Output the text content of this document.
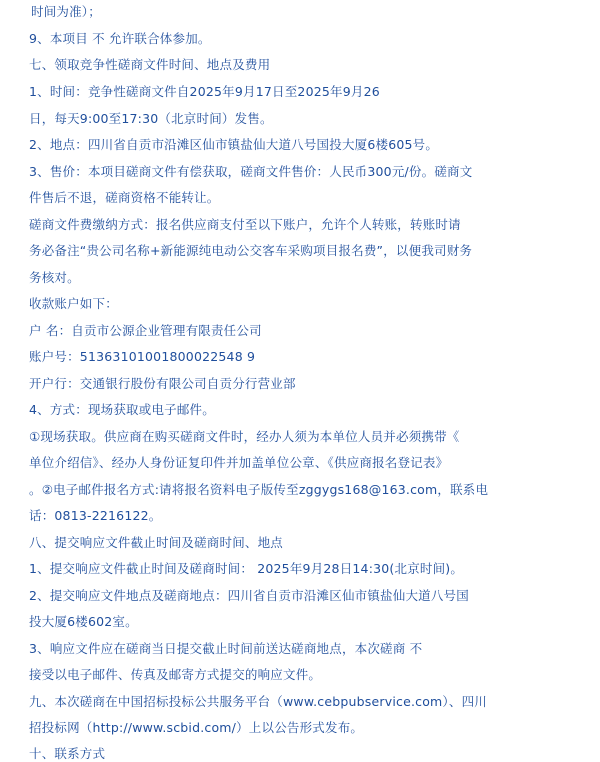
时间为准）；
9、本项目 不 允许联合体参加。
七、领取竞争性磋商文件时间、地点及费用
1、时间：竞争性磋商文件自2025年9月17日至2025年9月26
日，每天9:00至17:30（北京时间）发售。
2、地点：四川省自贡市沿滩区仙市镇盐仙大道八号国投大厦6楼605号。
3、售价：本项目磋商文件有偿获取，磋商文件售价：人民币300元/份。磋商文
件售后不退，磋商资格不能转让。
磋商文件费缴纳方式：报名供应商支付至以下账户，允许个人转账，转账时请
务必备注“贵公司名称+新能源纯电动公交客车采购项目报名费”，以便我司财务
务核对。
收款账户如下：
户 名：自贡市公源企业管理有限责任公司
账户号：51363101001800022548 9
开户行：交通银行股份有限公司自贡分行营业部
4、方式：现场获取或电子邮件。
①现场获取。供应商在购买磋商文件时，经办人须为本单位人员并必须携带《
单位介绍信》、经办人身份证复印件并加盖单位公章、《供应商报名登记表》
。②电子邮件报名方式:请将报名资料电子版传至zggygs168@163.com，联系电
话：0813-2216122。
八、提交响应文件截止时间及磋商时间、地点
1、提交响应文件截止时间及磋商时间： 2025年9月28日14:30(北京时间)。
2、提交响应文件地点及磋商地点：四川省自贡市沿滩区仙市镇盐仙大道八号国
投大厦6楼602室。
3、响应文件应在磋商当日提交截止时间前送达磋商地点，本次磋商 不
接受以电子邮件、传真及邮寄方式提交的响应文件。
九、本次磋商在中国招标投标公共服务平台（www.cebpubservice.com）、四川
招投标网（http://www.scbid.com/）上以公告形式发布。
十、联系方式
